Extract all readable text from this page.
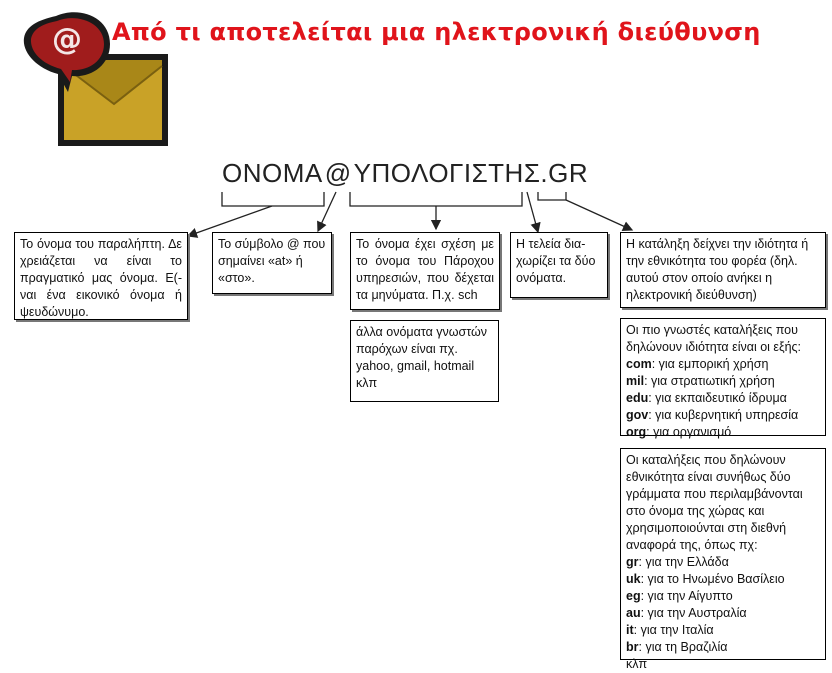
@	Από τι αποτελείται μια ηλεκτρονική διεύθυνση
ΟΝΟΜΑ@ΥΠΟΛΟΓΙΣΤΗΣ.GR
Το όνομα του παραλήπτη. Δε χρειάζεται να είναι το πραγματικό μας όνομα. Ε(-ναι ένα εικονικό όνομα ή ψευδώνυμο.
Το σύμβολο @ που σημαίνει «at» ή «στο».
Το όνομα έχει σχέση με το όνομα του Πάροχου υπηρεσιών, που δέχεται τα μηνύματα. Π.χ. sch
άλλα ονόματα γνωστών παρόχων είναι πχ. yahoo, gmail, hotmail κλπ
Η τελεία δια-χωρίζει τα δύο ονόματα.
Η κατάληξη δείχνει την ιδιότητα ή την εθνικότητα του φορέα (δηλ. αυτού στον οποίο ανήκει η ηλεκτρονική διεύθυνση)
Οι πιο γνωστές καταλήξεις που δηλώνουν ιδιότητα είναι οι εξής:
com: για εμπορική χρήση
mil: για στρατιωτική χρήση
edu: για εκπαιδευτικό ίδρυμα
gov: για κυβερνητική υπηρεσία
org: για οργανισμό
Οι καταλήξεις που δηλώνουν εθνικότητα είναι συνήθως δύο γράμματα που περιλαμβάνονται στο όνομα της χώρας και χρησιμοποιούνται στη διεθνή αναφορά της, όπως πχ:
gr: για την Ελλάδα
uk: για το Ηνωμένο Βασίλειο
eg: για την Αίγυπτο
au: για την Αυστραλία
it: για την Ιταλία
br: για τη Βραζιλία
κλπ
